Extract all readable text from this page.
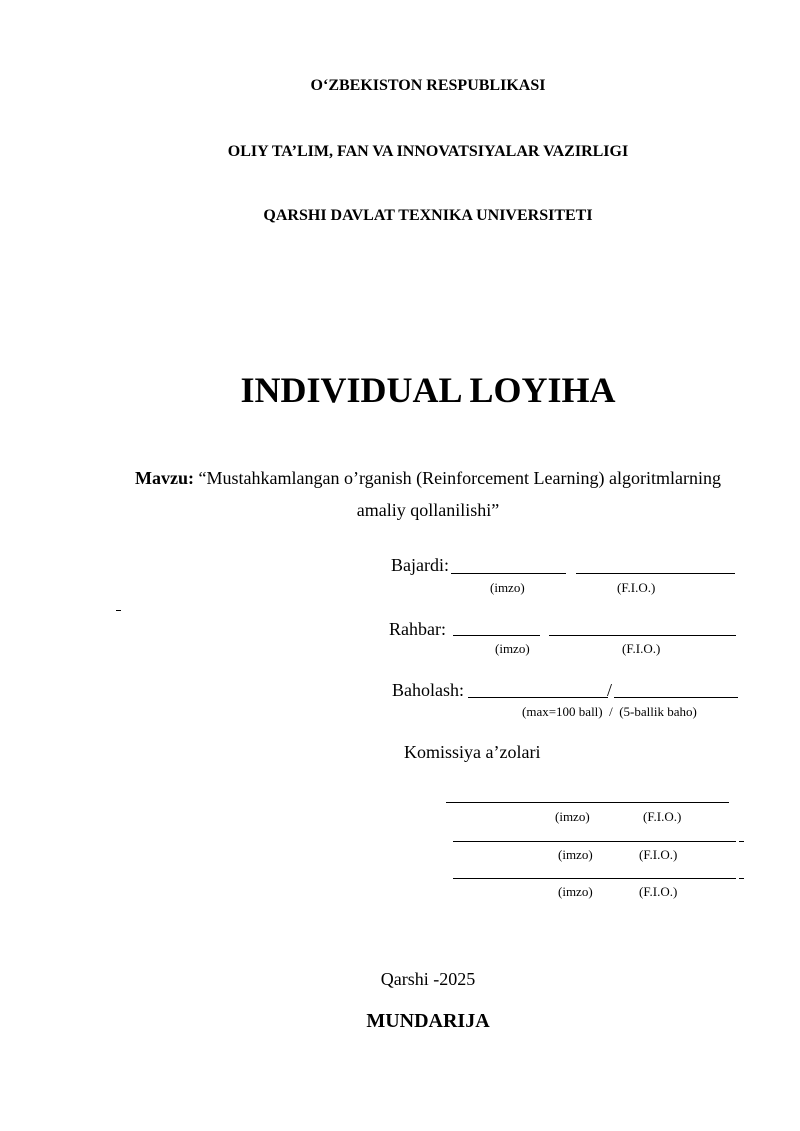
O‘ZBEKISTON RESPUBLIKASI
OLIY TA’LIM, FAN VA INNOVATSIYALAR VAZIRLIGI
QARSHI DAVLAT TEXNIKA UNIVERSITETI
INDIVIDUAL LOYIHA
Mavzu: “Mustahkamlangan o’rganish (Reinforcement Learning) algoritmlarning
amaliy qollanilishi”
Bajardi:
(imzo)	(F.I.O.)
Rahbar:
(imzo)	(F.I.O.)
Baholash:	/
(max=100 ball)  /  (5-ballik baho)
Komissiya a’zolari
(imzo)	(F.I.O.)
(imzo)	(F.I.O.)
(imzo)	(F.I.O.)
Qarshi -2025
MUNDARIJA
